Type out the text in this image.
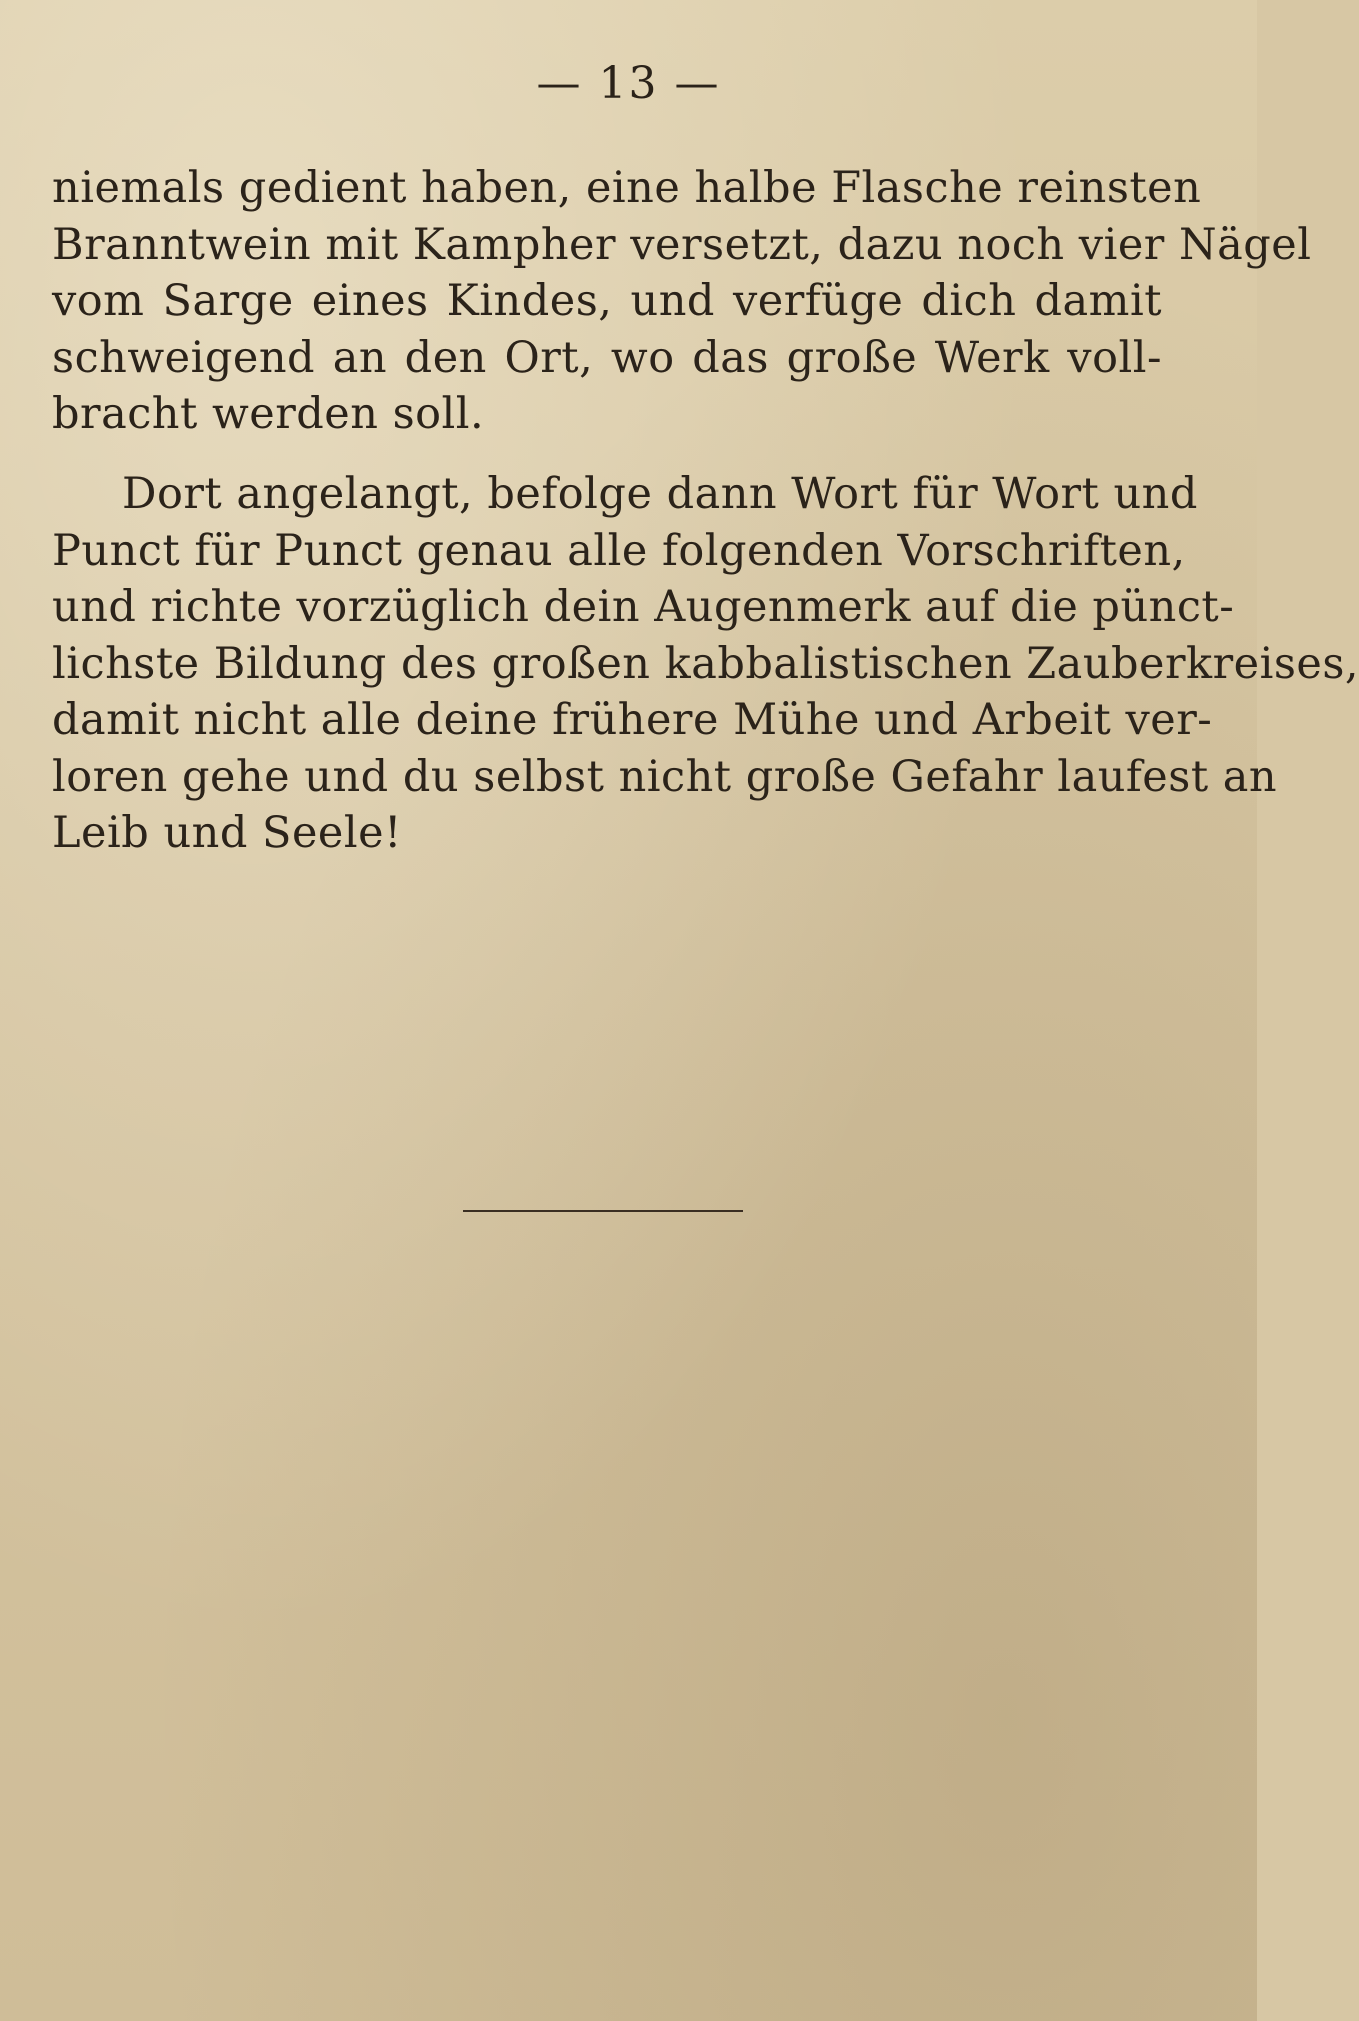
— 13 —
niemals gedient haben, eine halbe Flasche reinsten
Branntwein mit Kampher versetzt, dazu noch vier Nägel
vom Sarge eines Kindes, und verfüge dich damit
schweigend an den Ort, wo das große Werk voll-
bracht werden soll.
Dort angelangt, befolge dann Wort für Wort und
Punct für Punct genau alle folgenden Vorschriften,
und richte vorzüglich dein Augenmerk auf die pünct-
lichste Bildung des großen kabbalistischen Zauberkreises,
damit nicht alle deine frühere Mühe und Arbeit ver-
loren gehe und du selbst nicht große Gefahr laufest an
Leib und Seele!
